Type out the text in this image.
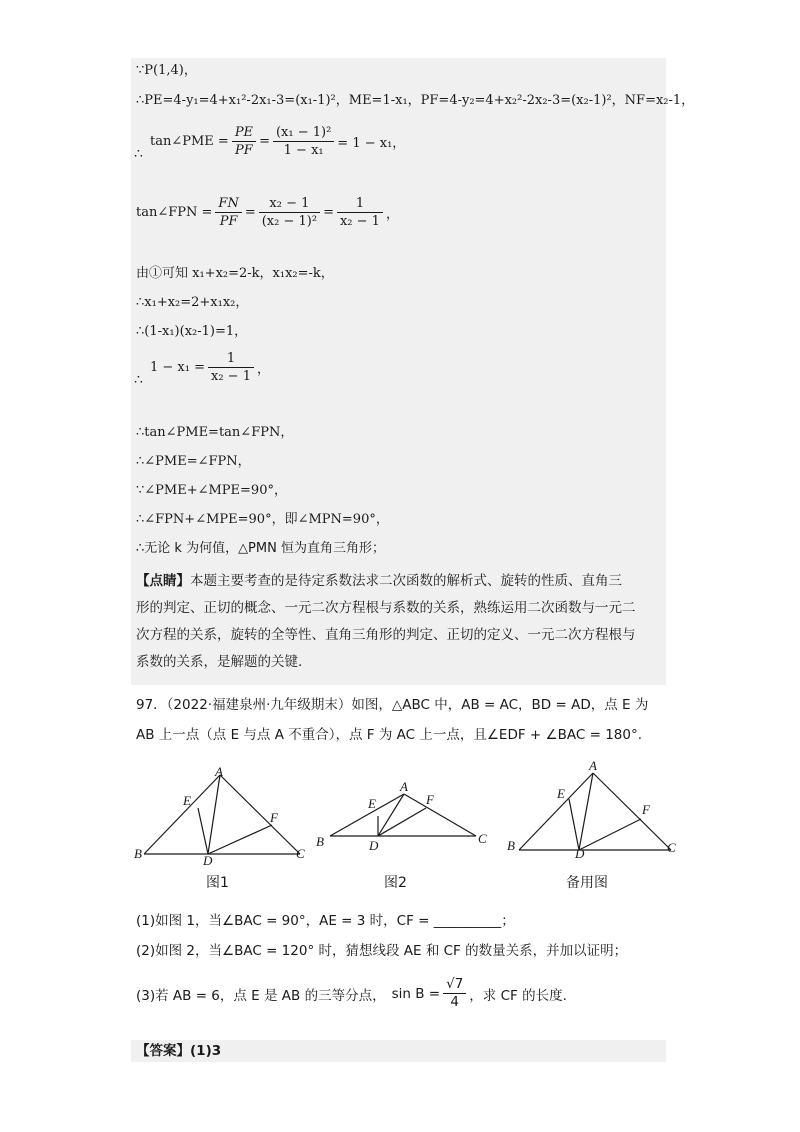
∵P(1,4)，
∴PE=4-y₁=4+x₁²-2x₁-3=(x₁-1)²，ME=1-x₁，PF=4-y₂=4+x₂²-2x₂-3=(x₂-1)²，NF=x₂-1，
∴
tan∠PME = $\frac{PE}{PF} = \frac{\text{(x₁ − 1)²}}{\text{1 − x₁}} = 1 - x_1$，
tan∠FPN = $\frac{FN}{PF} = \frac{\text{x₂ − 1}}{\text{(x₂ − 1)²}} = \frac{1}{\text{x₂ − 1}}$ ，
由①可知 x₁+x₂=2-k，x₁x₂=-k，
∴x₁+x₂=2+x₁x₂，
∴(1-x₁)(x₂-1)=1，
∴
$1 - x_1 = \frac{1}{\text{x₂ − 1}}$ ，
∴tan∠PME=tan∠FPN，
∴∠PME=∠FPN，
∵∠PME+∠MPE=90°，
∴∠FPN+∠MPE=90°，即∠MPN=90°，
∴无论 k 为何值，△PMN 恒为直角三角形；
【点睛】本题主要考查的是待定系数法求二次函数的解析式、旋转的性质、直角三
形的判定、正切的概念、一元二次方程根与系数的关系，熟练运用二次函数与一元二
次方程的关系，旋转的全等性、直角三角形的判定、正切的定义、一元二次方程根与
系数的关系，是解题的关键.
97．（2022·福建泉州·九年级期末）如图，△ABC 中，AB = AC，BD = AD，点 E 为
AB 上一点（点 E 与点 A 不重合），点 F 为 AC 上一点，且∠EDF + ∠BAC = 180°.
A
E
F
B	D	C
图1
A
E	F
B	D	C
图2
A
E
F
B
D	C
备用图
(1)如图 1，当∠BAC = 90°，AE = 3 时，CF = __________；
(2)如图 2，当∠BAC = 120° 时，猜想线段 AE 和 CF 的数量关系，并加以证明；
(3)若 AB = 6，点 E 是 AB 的三等分点， $\sin B = \frac{√7}{4}$ ，求 CF 的长度.
【答案】(1)3
